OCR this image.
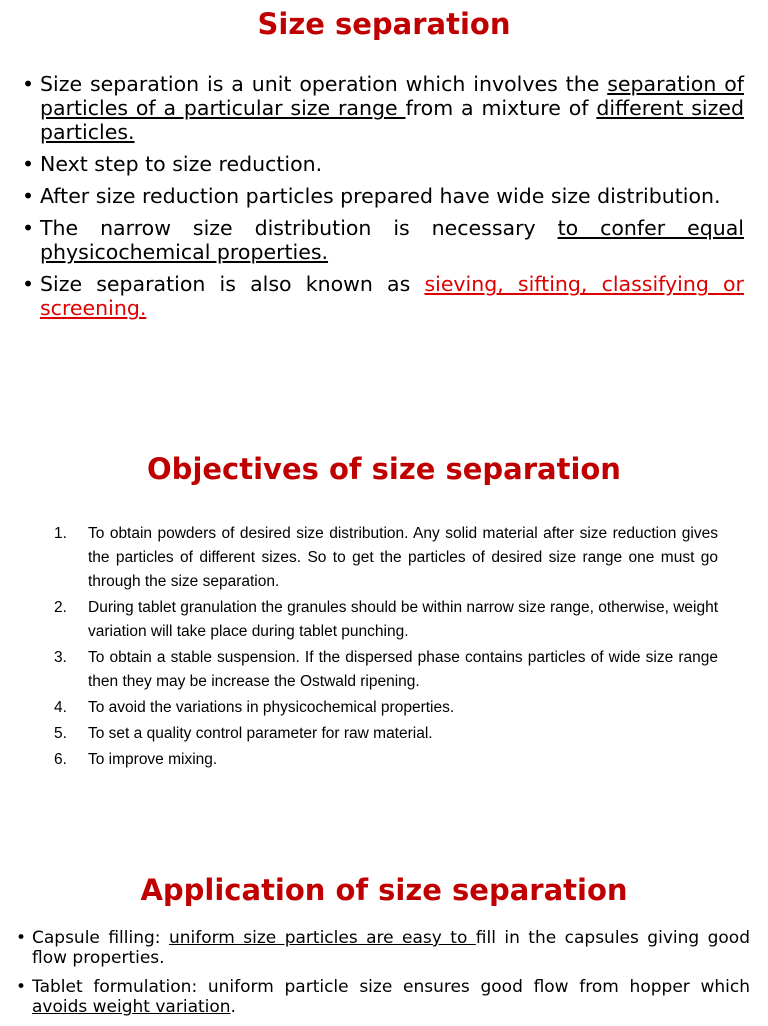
Size separation
• Size separation is a unit operation which involves the separation of particles of a particular size range from a mixture of different sized particles.
• Next step to size reduction.
• After size reduction particles prepared have wide size distribution.
• The narrow size distribution is necessary to confer equal physicochemical properties.
• Size separation is also known as sieving, sifting, classifying or screening.
Objectives of size separation
1. To obtain powders of desired size distribution. Any solid material after size reduction gives the particles of different sizes. So to get the particles of desired size range one must go through the size separation.
2. During tablet granulation the granules should be within narrow size range, otherwise, weight variation will take place during tablet punching.
3. To obtain a stable suspension. If the dispersed phase contains particles of wide size range then they may be increase the Ostwald ripening.
4. To avoid the variations in physicochemical properties.
5. To set a quality control parameter for raw material.
6. To improve mixing.
Application of size separation
• Capsule filling: uniform size particles are easy to fill in the capsules giving good flow properties.
• Tablet formulation: uniform particle size ensures good flow from hopper which avoids weight variation.
